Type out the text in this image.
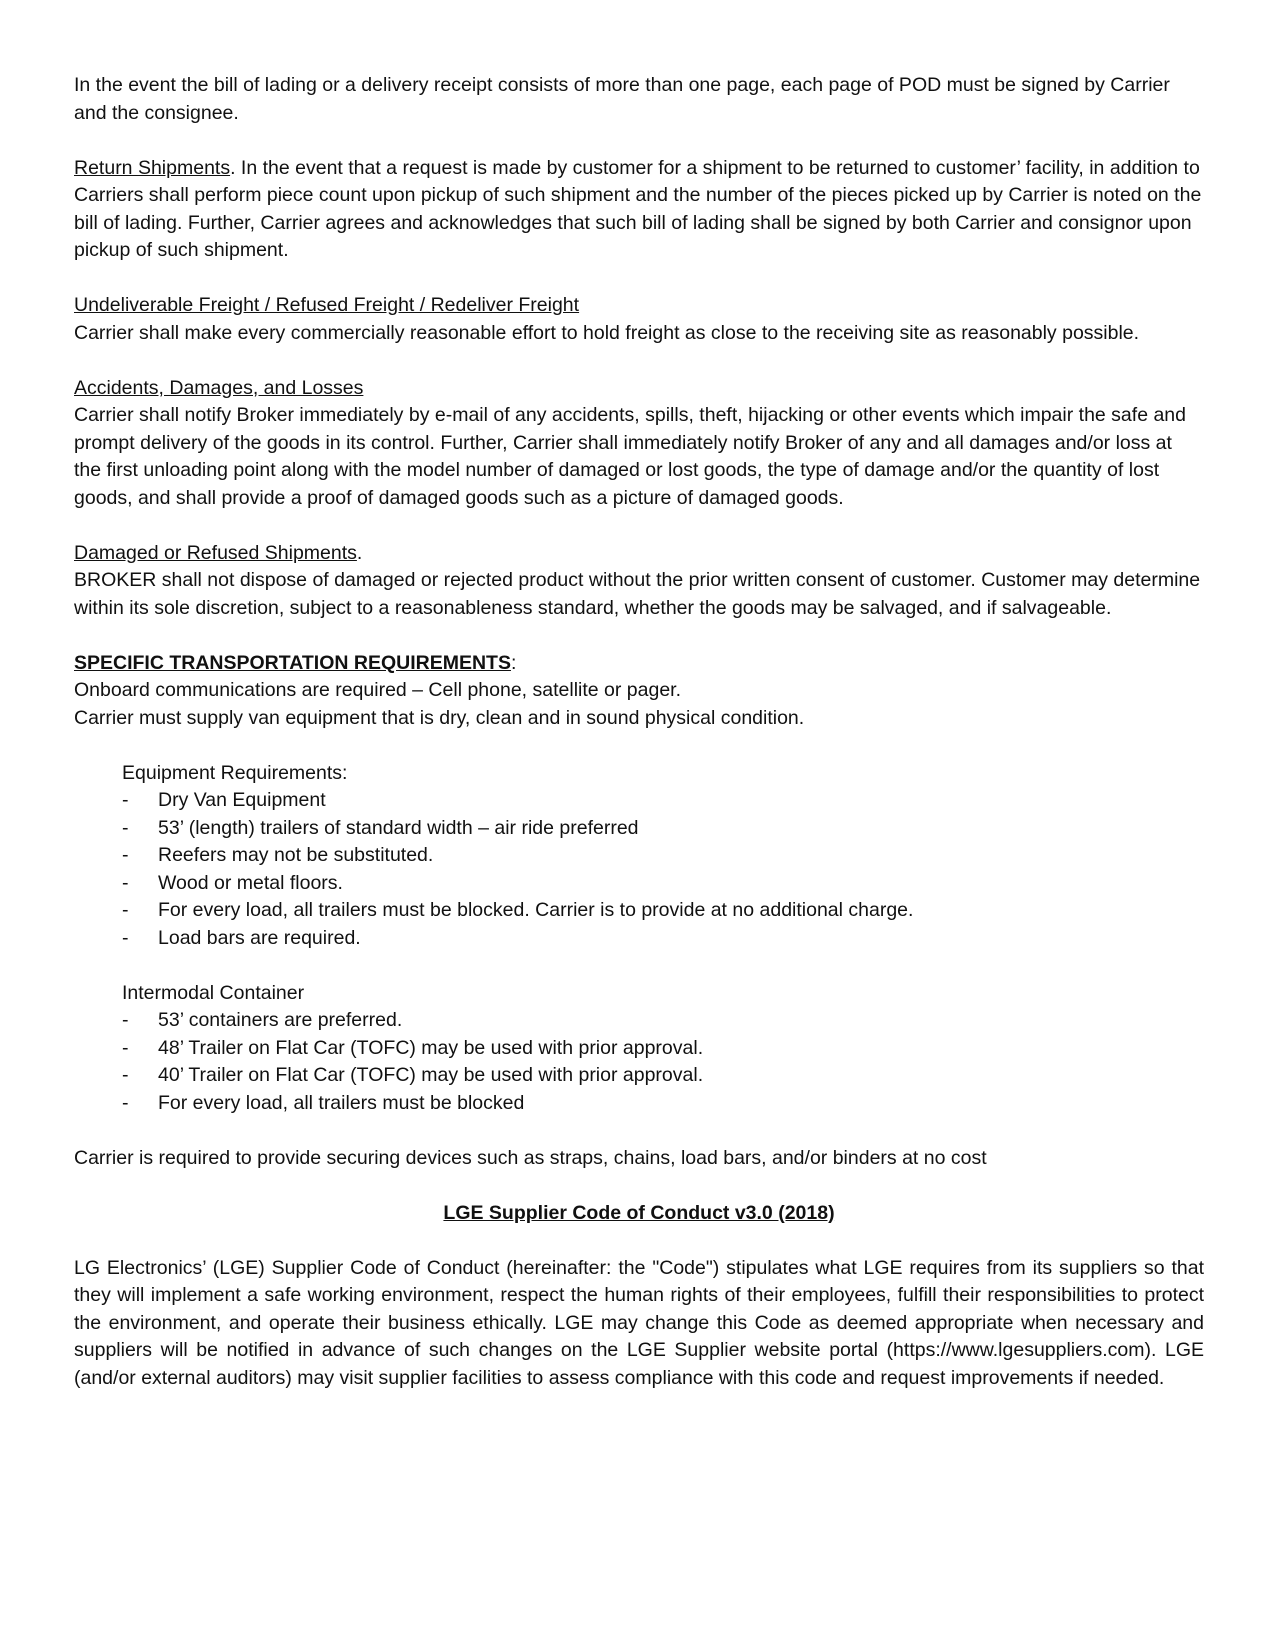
In the event the bill of lading or a delivery receipt consists of more than one page, each page of POD must be signed by Carrier and the consignee.

Return Shipments. In the event that a request is made by customer for a shipment to be returned to customer’ facility, in addition to Carriers shall perform piece count upon pickup of such shipment and the number of the pieces picked up by Carrier is noted on the bill of lading. Further, Carrier agrees and acknowledges that such bill of lading shall be signed by both Carrier and consignor upon pickup of such shipment.

Undeliverable Freight / Refused Freight / Redeliver Freight

Carrier shall make every commercially reasonable effort to hold freight as close to the receiving site as reasonably possible.

Accidents, Damages, and Losses

Carrier shall notify Broker immediately by e-mail of any accidents, spills, theft, hijacking or other events which impair the safe and prompt delivery of the goods in its control. Further, Carrier shall immediately notify Broker of any and all damages and/or loss at the first unloading point along with the model number of damaged or lost goods, the type of damage and/or the quantity of lost goods, and shall provide a proof of damaged goods such as a picture of damaged goods.

Damaged or Refused Shipments.

BROKER shall not dispose of damaged or rejected product without the prior written consent of customer. Customer may determine within its sole discretion, subject to a reasonableness standard, whether the goods may be salvaged, and if salvageable.

SPECIFIC TRANSPORTATION REQUIREMENTS:

Onboard communications are required – Cell phone, satellite or pager.

Carrier must supply van equipment that is dry, clean and in sound physical condition.

Equipment Requirements:

- Dry Van Equipment
- 53’ (length) trailers of standard width – air ride preferred
- Reefers may not be substituted.
- Wood or metal floors.
- For every load, all trailers must be blocked. Carrier is to provide at no additional charge.
- Load bars are required.

Intermodal Container

- 53’ containers are preferred.
- 48’ Trailer on Flat Car (TOFC) may be used with prior approval.
- 40’ Trailer on Flat Car (TOFC) may be used with prior approval.
- For every load, all trailers must be blocked

Carrier is required to provide securing devices such as straps, chains, load bars, and/or binders at no cost

LGE Supplier Code of Conduct v3.0 (2018)

LG Electronics’ (LGE) Supplier Code of Conduct (hereinafter: the "Code") stipulates what LGE requires from its suppliers so that they will implement a safe working environment, respect the human rights of their employees, fulfill their responsibilities to protect the environment, and operate their business ethically. LGE may change this Code as deemed appropriate when necessary and suppliers will be notified in advance of such changes on the LGE Supplier website portal (https://www.lgesuppliers.com). LGE (and/or external auditors) may visit supplier facilities to assess compliance with this code and request improvements if needed.
